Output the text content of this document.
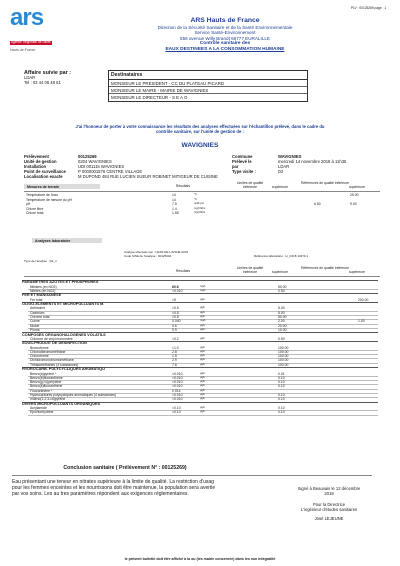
PLV : 00125269 page : 1
ars
Agence Régionale de Santé
Hauts-de-France
ARS Hauts de France
Direction de la Sécurité Sanitaire et de la Santé Environnementale
Service Santé-Environnement
556 avenue Willy Brandt 59777 EURALILLE
Contrôle sanitaire des
EAUX DESTINEES A LA CONSOMMATION HUMAINE
Affaire suivie par :
LDAR
Tel : 03 44 06 48 61
Destinataires
MONSIEUR LE PRESIDENT - CC DU PLATEAU PICARD
MONSIEUR LE MAIRE - MAIRIE DE WAVIGNIES
MONSIEUR LE DIRECTEUR - S E A O
J'ai l'honneur de porter à votre connaissance les résultats des analyses effectuées sur l'échantillon prélevé, dans le cadre du
contrôle sanitaire, sur l'unité de gestion de :
WAVIGNIES
Prélèvement	00125269
Unité de gestion	0204 WAVIGNIES
Installation	UDI 001115 WAVIGNIES
Point de surveillance	P 0000001576 CENTRE VILLAGE
Localisation exacte	M DUPOND 484 RUE LUCIEN SUEUR ROBINET MITIGEUR DE CUISINE
Commune	WAVIGNIES
Prélevé le	mercredi 14 novembre 2018 à 11h35
par	LDAR
Type visite :	D2
Mesures de terrain	Résultats
Limites de qualité inférieure	supérieure
Références de qualité inférieure
supérieure
Température de l'eau	14	°C	25.00
Température de mesure du pH	14	°C
pH	7.5	unité pH	6.50	9.00
Chlore libre	1.4	mg(Cl2)/L
Chlore total	1.55	mg(Cl2)/L
Analyses laboratoire
Analyse effectuée par : LDAR DE L'AISNE 0204
Code SISE de l'analyse : 00125402	Référence laboratoire : H_C018 14379.1
Type de l'analyse : D2_1
Résultats
Limites de qualité inférieure	supérieure
Références de qualité inférieure
supérieure
PARAMETRES AZOTES ET PHOSPHORES
Nitrates (en NO3)	60.6	mg/L	50.00
Nitrites (en NO2)	<0.010	mg/L	0.50
FER ET MANGANESE
Fer total	<5	µg/L	200.00
OLIGO-ELEMENTS ET MICROPOLLUANTS M.
Antimoine	<0.5	µg/L	5.00
Cadmium	<0.5	µg/L	5.00
Chrome total	<0.5	µg/L	50.00
Cuivre	0.040	mg/L	2.00	1.00
Nickel	0.6	µg/L	20.00
Plomb	0.9	µg/L	10.00
COMPOSES ORGANOHALOGENES VOLATILS
Chlorure de vinyl monomère	<0.2	µg/L	0.50
SOUS-PRODUIT DE DESINFECTION
Bromoforme	<1.0	µg/L	100.00
Chlorodibromométhane	2.8	µg/L	100.00
Chloroforme	1.9	µg/L	100.00
Dichloromonobromométhane	2.9	µg/L	100.00
Trihalométhanes (4 substances)	7.6	µg/L	100.00
HYDROCARB. POLYCYCLIQUES AROMATIQU
Benzo(a)pyrène *	<0.010	µg/L	0.01
Benzo(b)fluoranthène	<0.010	µg/L	0.10
Benzo(g,h,i)pérylène	<0.010	µg/L	0.10
Benzo(k)fluoranthène	<0.010	µg/L	0.10
Fluoranthène *	0.014	µg/L
Hydrocarbures polycycliques aromatiques (4 substances)	<0.010	µg/L	0.10
Indéno(1,2,3-cd)pyrène	<0.010	µg/L	0.10
DIVERS MICROPOLLUANTS ORGANIQUES
Acrylamide	<0.10	µg/L	0.10
Epichlorhydrine	<0.10	µg/L	0.10
Conclusion sanitaire ( Prélèvement N° : 00125269)
Eau présentant une teneur en nitrates supérieure à la limite de qualité. La restriction d'usag
pour les femmes enceintes et les nourrissons doit être maintenue, la population sera avertie
par vos soins. Les au tres paramètres répondent aux exigences réglementaires.
Signé à Beauvais le 12 décembre
2018
Pour la Directrice
L'ingénieur d'études sanitaires
José LEJEUNE
le présent bulletin doit être affiché à la ou (les mairie concernée) dans les son intégralité
